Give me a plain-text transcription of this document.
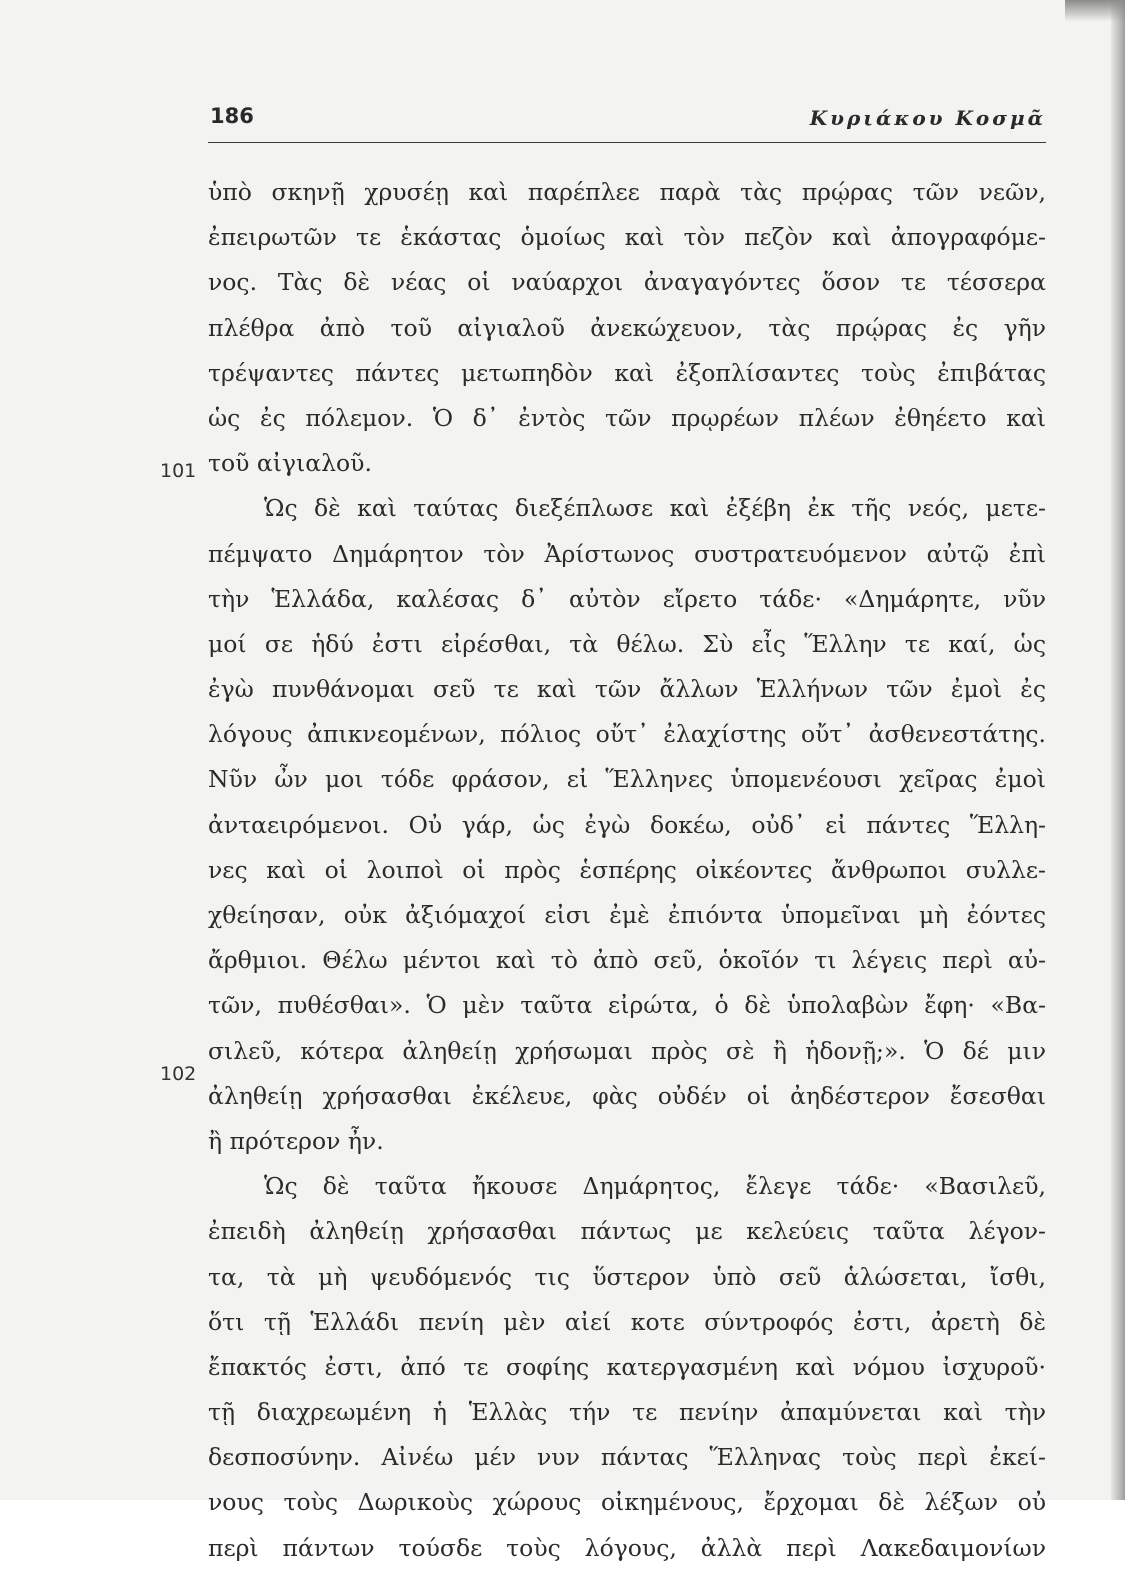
186	Κυριάκου Κοσμᾶ
101
102
ὑπὸ σκηνῇ χρυσέῃ καὶ παρέπλεε παρὰ τὰς πρῴρας τῶν νεῶν,
ἐπειρωτῶν τε ἑκάστας ὁμοίως καὶ τὸν πεζὸν καὶ ἀπογραφόμε-
νος. Τὰς δὲ νέας οἱ ναύαρχοι ἀναγαγόντες ὅσον τε τέσσερα
πλέθρα ἀπὸ τοῦ αἰγιαλοῦ ἀνεκώχευον, τὰς πρῴρας ἐς γῆν
τρέψαντες πάντες μετωπηδὸν καὶ ἐξοπλίσαντες τοὺς ἐπιβάτας
ὡς ἐς πόλεμον. Ὁ δ᾽ ἐντὸς τῶν πρῳρέων πλέων ἐθηέετο καὶ
τοῦ αἰγιαλοῦ.
Ὡς δὲ καὶ ταύτας διεξέπλωσε καὶ ἐξέβη ἐκ τῆς νεός, μετε-
πέμψατο Δημάρητον τὸν Ἀρίστωνος συστρατευόμενον αὐτῷ ἐπὶ
τὴν Ἑλλάδα, καλέσας δ᾽ αὐτὸν εἴρετο τάδε· «Δημάρητε, νῦν
μοί σε ἡδύ ἐστι εἰρέσθαι, τὰ θέλω. Σὺ εἶς Ἕλλην τε καί, ὡς
ἐγὼ πυνθάνομαι σεῦ τε καὶ τῶν ἄλλων Ἑλλήνων τῶν ἐμοὶ ἐς
λόγους ἀπικνεομένων, πόλιος οὔτ᾽ ἐλαχίστης οὔτ᾽ ἀσθενεστάτης.
Νῦν ὦν μοι τόδε φράσον, εἰ Ἕλληνες ὑπομενέουσι χεῖρας ἐμοὶ
ἀνταειρόμενοι. Οὐ γάρ, ὡς ἐγὼ δοκέω, οὐδ᾽ εἰ πάντες Ἕλλη-
νες καὶ οἱ λοιποὶ οἱ πρὸς ἑσπέρης οἰκέοντες ἄνθρωποι συλλε-
χθείησαν, οὐκ ἀξιόμαχοί εἰσι ἐμὲ ἐπιόντα ὑπομεῖναι μὴ ἐόντες
ἄρθμιοι. Θέλω μέντοι καὶ τὸ ἀπὸ σεῦ, ὁκοῖόν τι λέγεις περὶ αὐ-
τῶν, πυθέσθαι». Ὁ μὲν ταῦτα εἰρώτα, ὁ δὲ ὑπολαβὼν ἔφη· «Βα-
σιλεῦ, κότερα ἀληθείῃ χρήσωμαι πρὸς σὲ ἢ ἡδονῇ;». Ὁ δέ μιν
ἀληθείῃ χρήσασθαι ἐκέλευε, φὰς οὐδέν οἱ ἀηδέστερον ἔσεσθαι
ἢ πρότερον ἦν.
Ὡς δὲ ταῦτα ἤκουσε Δημάρητος, ἔλεγε τάδε· «Βασιλεῦ,
ἐπειδὴ ἀληθείῃ χρήσασθαι πάντως με κελεύεις ταῦτα λέγον-
τα, τὰ μὴ ψευδόμενός τις ὕστερον ὑπὸ σεῦ ἁλώσεται, ἴσθι,
ὅτι τῇ Ἑλλάδι πενίη μὲν αἰεί κοτε σύντροφός ἐστι, ἀρετὴ δὲ
ἔπακτός ἐστι, ἀπό τε σοφίης κατεργασμένη καὶ νόμου ἰσχυροῦ·
τῇ διαχρεωμένη ἡ Ἑλλὰς τήν τε πενίην ἀπαμύνεται καὶ τὴν
δεσποσύνην. Αἰνέω μέν νυν πάντας Ἕλληνας τοὺς περὶ ἐκεί-
νους τοὺς Δωρικοὺς χώρους οἰκημένους, ἔρχομαι δὲ λέξων οὐ
περὶ πάντων τούσδε τοὺς λόγους, ἀλλὰ περὶ Λακεδαιμονίων
